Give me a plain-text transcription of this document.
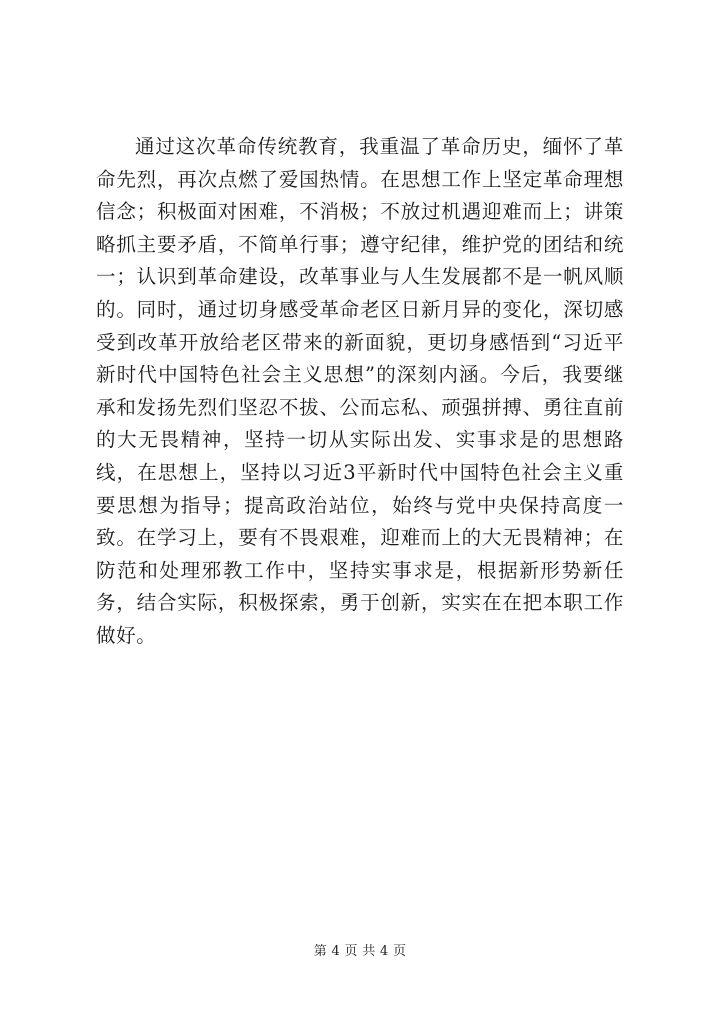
通过这次革命传统教育，我重温了革命历史，缅怀了革命先烈，再次点燃了爱国热情。在思想工作上坚定革命理想信念；积极面对困难，不消极；不放过机遇迎难而上；讲策略抓主要矛盾，不简单行事；遵守纪律，维护党的团结和统一；认识到革命建设，改革事业与人生发展都不是一帆风顺的。同时，通过切身感受革命老区日新月异的变化，深切感受到改革开放给老区带来的新面貌，更切身感悟到“习近平新时代中国特色社会主义思想”的深刻内涵。今后，我要继承和发扬先烈们坚忍不拔、公而忘私、顽强拼搏、勇往直前的大无畏精神，坚持一切从实际出发、实事求是的思想路线，在思想上，坚持以习近3平新时代中国特色社会主义重要思想为指导；提高政治站位，始终与党中央保持高度一致。在学习上，要有不畏艰难，迎难而上的大无畏精神；在防范和处理邪教工作中，坚持实事求是，根据新形势新任务，结合实际，积极探索，勇于创新，实实在在把本职工作做好。

第 4 页 共 4 页
